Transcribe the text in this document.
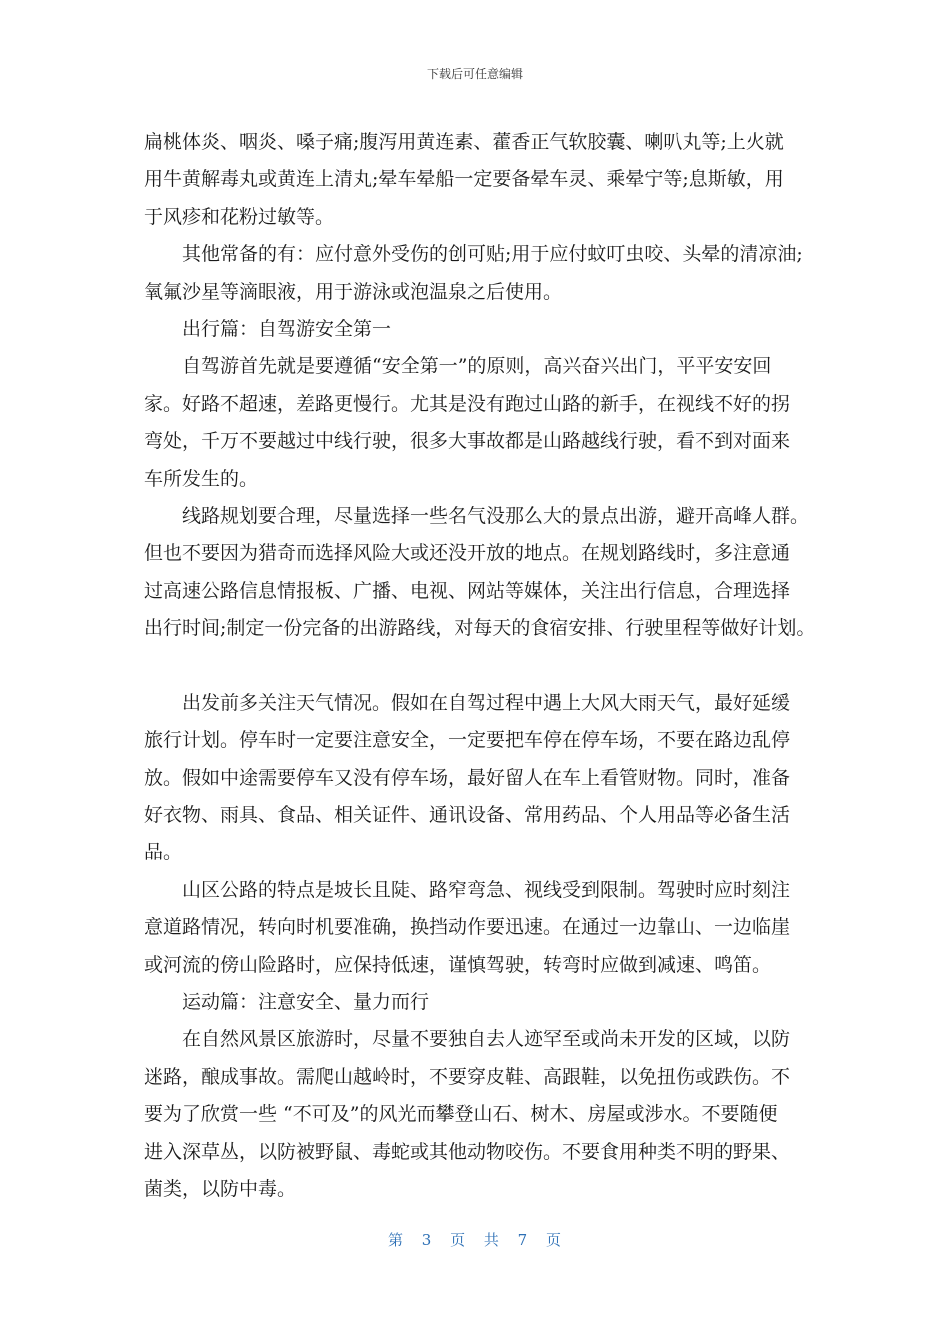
下载后可任意编辑
扁桃体炎、咽炎、嗓子痛;腹泻用黄连素、藿香正气软胶囊、喇叭丸等;上火就
用牛黄解毒丸或黄连上清丸;晕车晕船一定要备晕车灵、乘晕宁等;息斯敏，用
于风疹和花粉过敏等。
其他常备的有：应付意外受伤的创可贴;用于应付蚊叮虫咬、头晕的清凉油;
氧氟沙星等滴眼液，用于游泳或泡温泉之后使用。
出行篇：自驾游安全第一
自驾游首先就是要遵循“安全第一”的原则，高兴奋兴出门，平平安安回
家。好路不超速，差路更慢行。尤其是没有跑过山路的新手，在视线不好的拐
弯处，千万不要越过中线行驶，很多大事故都是山路越线行驶，看不到对面来
车所发生的。
线路规划要合理，尽量选择一些名气没那么大的景点出游，避开高峰人群。
但也不要因为猎奇而选择风险大或还没开放的地点。在规划路线时，多注意通
过高速公路信息情报板、广播、电视、网站等媒体，关注出行信息，合理选择
出行时间;制定一份完备的出游路线，对每天的食宿安排、行驶里程等做好计划。
出发前多关注天气情况。假如在自驾过程中遇上大风大雨天气，最好延缓
旅行计划。停车时一定要注意安全，一定要把车停在停车场，不要在路边乱停
放。假如中途需要停车又没有停车场，最好留人在车上看管财物。同时，准备
好衣物、雨具、食品、相关证件、通讯设备、常用药品、个人用品等必备生活
品。
山区公路的特点是坡长且陡、路窄弯急、视线受到限制。驾驶时应时刻注
意道路情况，转向时机要准确，换挡动作要迅速。在通过一边靠山、一边临崖
或河流的傍山险路时，应保持低速，谨慎驾驶，转弯时应做到减速、鸣笛。
运动篇：注意安全、量力而行
在自然风景区旅游时，尽量不要独自去人迹罕至或尚未开发的区域，以防
迷路，酿成事故。需爬山越岭时，不要穿皮鞋、高跟鞋，以免扭伤或跌伤。不
要为了欣赏一些 “不可及”的风光而攀登山石、树木、房屋或涉水。不要随便
进入深草丛，以防被野鼠、毒蛇或其他动物咬伤。不要食用种类不明的野果、
菌类，以防中毒。
第 3 页 共 7 页
